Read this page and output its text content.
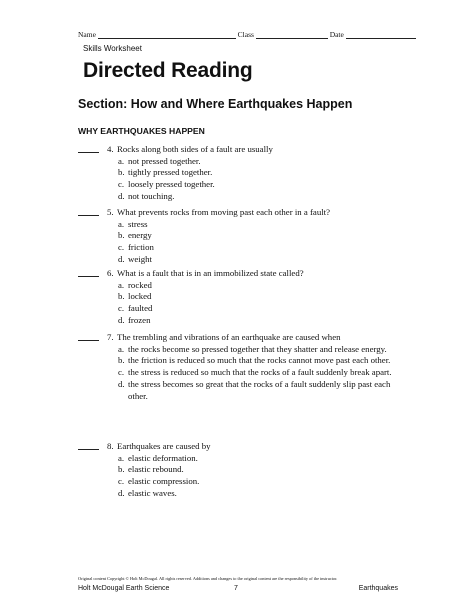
Name	Class	Date
Skills Worksheet
Directed Reading
Section: How and Where Earthquakes Happen
WHY EARTHQUAKES HAPPEN
4. Rocks along both sides of a fault are usually
a. not pressed together.
b. tightly pressed together.
c. loosely pressed together.
d. not touching.
5. What prevents rocks from moving past each other in a fault?
a. stress
b. energy
c. friction
d. weight
6. What is a fault that is in an immobilized state called?
a. rocked
b. locked
c. faulted
d. frozen
7. The trembling and vibrations of an earthquake are caused when
a. the rocks become so pressed together that they shatter and release energy.
b. the friction is reduced so much that the rocks cannot move past each other.
c. the stress is reduced so much that the rocks of a fault suddenly break apart.
d. the stress becomes so great that the rocks of a fault suddenly slip past each other.
8. Earthquakes are caused by
a. elastic deformation.
b. elastic rebound.
c. elastic compression.
d. elastic waves.
Original content Copyright © Holt McDougal. All rights reserved. Additions and changes to the original content are the responsibility of the instructor.
Holt McDougal Earth Science	7	Earthquakes
